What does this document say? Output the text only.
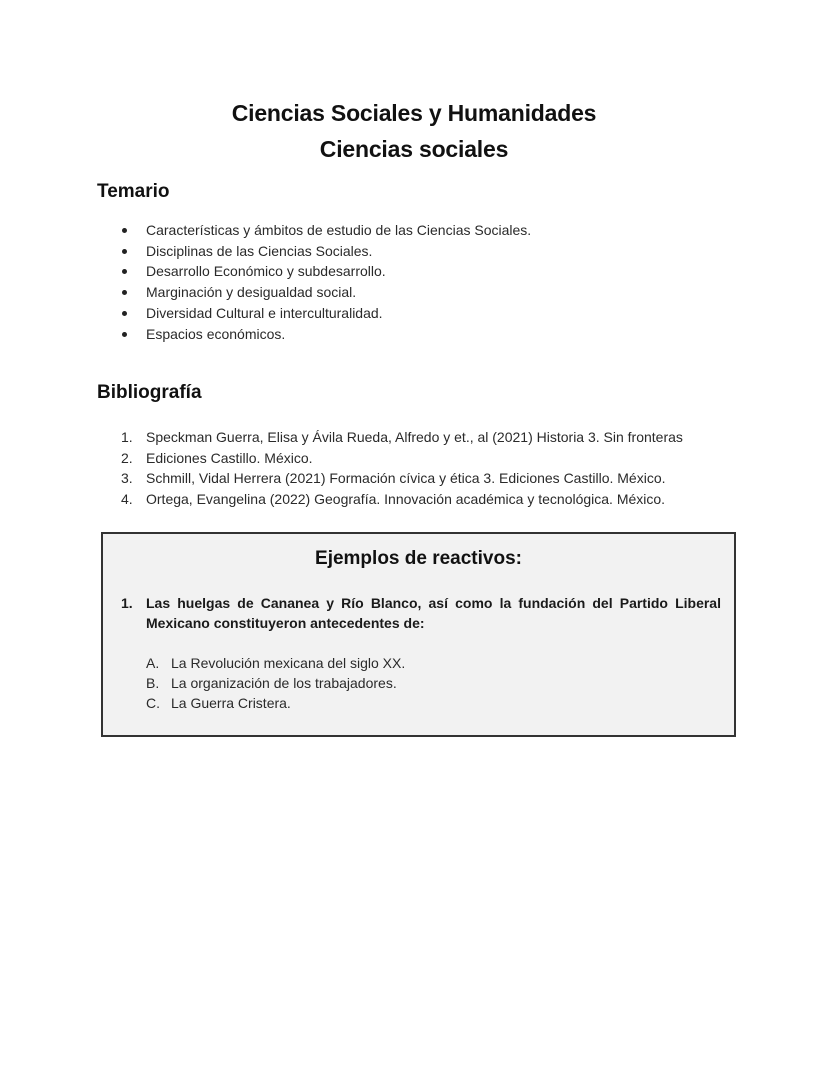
Ciencias Sociales y Humanidades
Ciencias sociales
Temario
Características y ámbitos de estudio de las Ciencias Sociales.
Disciplinas de las Ciencias Sociales.
Desarrollo Económico y subdesarrollo.
Marginación y desigualdad social.
Diversidad Cultural e interculturalidad.
Espacios económicos.
Bibliografía
1. Speckman Guerra, Elisa y Ávila Rueda, Alfredo y et., al (2021) Historia 3. Sin fronteras
2. Ediciones Castillo. México.
3. Schmill, Vidal Herrera (2021) Formación cívica y ética 3. Ediciones Castillo. México.
4. Ortega, Evangelina (2022) Geografía. Innovación académica y tecnológica. México.
Ejemplos de reactivos:
1. Las huelgas de Cananea y Río Blanco, así como la fundación del Partido Liberal Mexicano constituyeron antecedentes de:
A. La Revolución mexicana del siglo XX.
B. La organización de los trabajadores.
C. La Guerra Cristera.
